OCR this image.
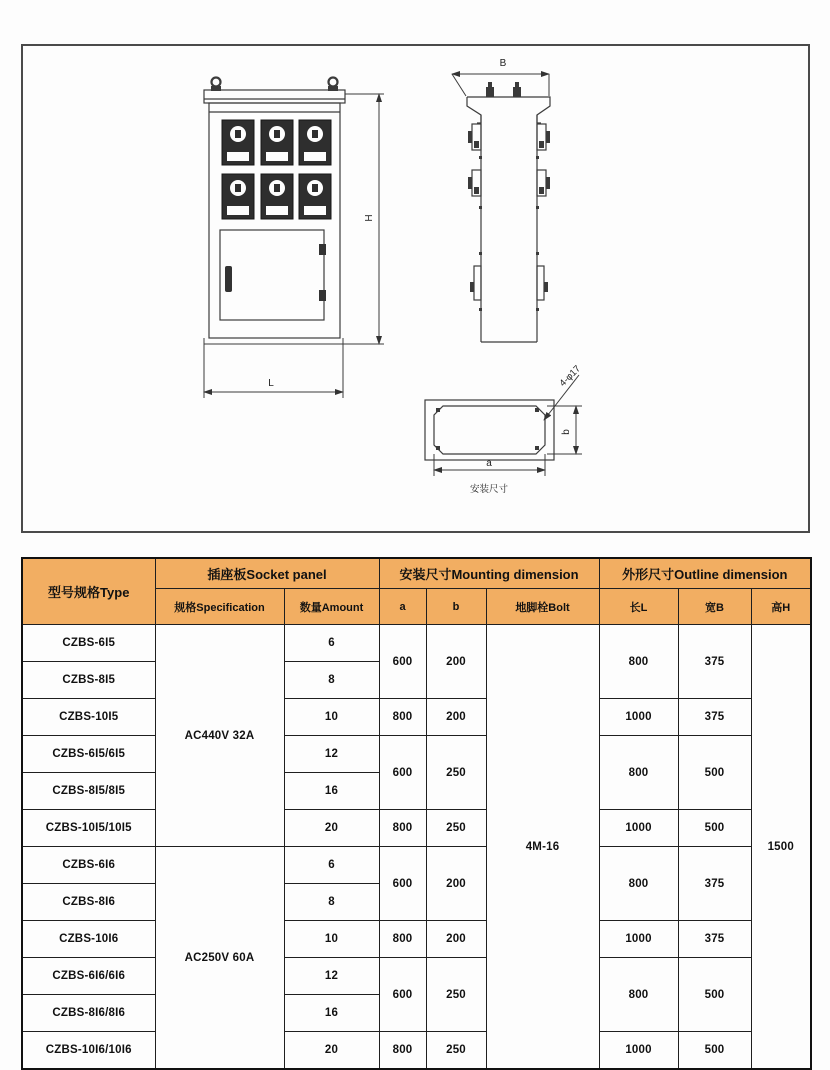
H
L
B
4-φ17
b
a
安装尺寸
型号规格Type	插座板Socket panel		安装尺寸Mounting dimension			外形尺寸Outline dimension		
	规格Specification	数量Amount	a	b	地脚栓Bolt	长L	宽B	高H
CZBS-6I5	AC440V 32A	6	600	200	4M-16	800	375	1500
CZBS-8I5		8						
CZBS-10I5		10	800	200		1000	375	
CZBS-6I5/6I5		12	600	250		800	500	
CZBS-8I5/8I5		16						
CZBS-10I5/10I5		20	800	250		1000	500	
CZBS-6I6	AC250V 60A	6	600	200		800	375	
CZBS-8I6		8						
CZBS-10I6		10	800	200		1000	375	
CZBS-6I6/6I6		12	600	250		800	500	
CZBS-8I6/8I6		16						
CZBS-10I6/10I6		20	800	250		1000	500	
